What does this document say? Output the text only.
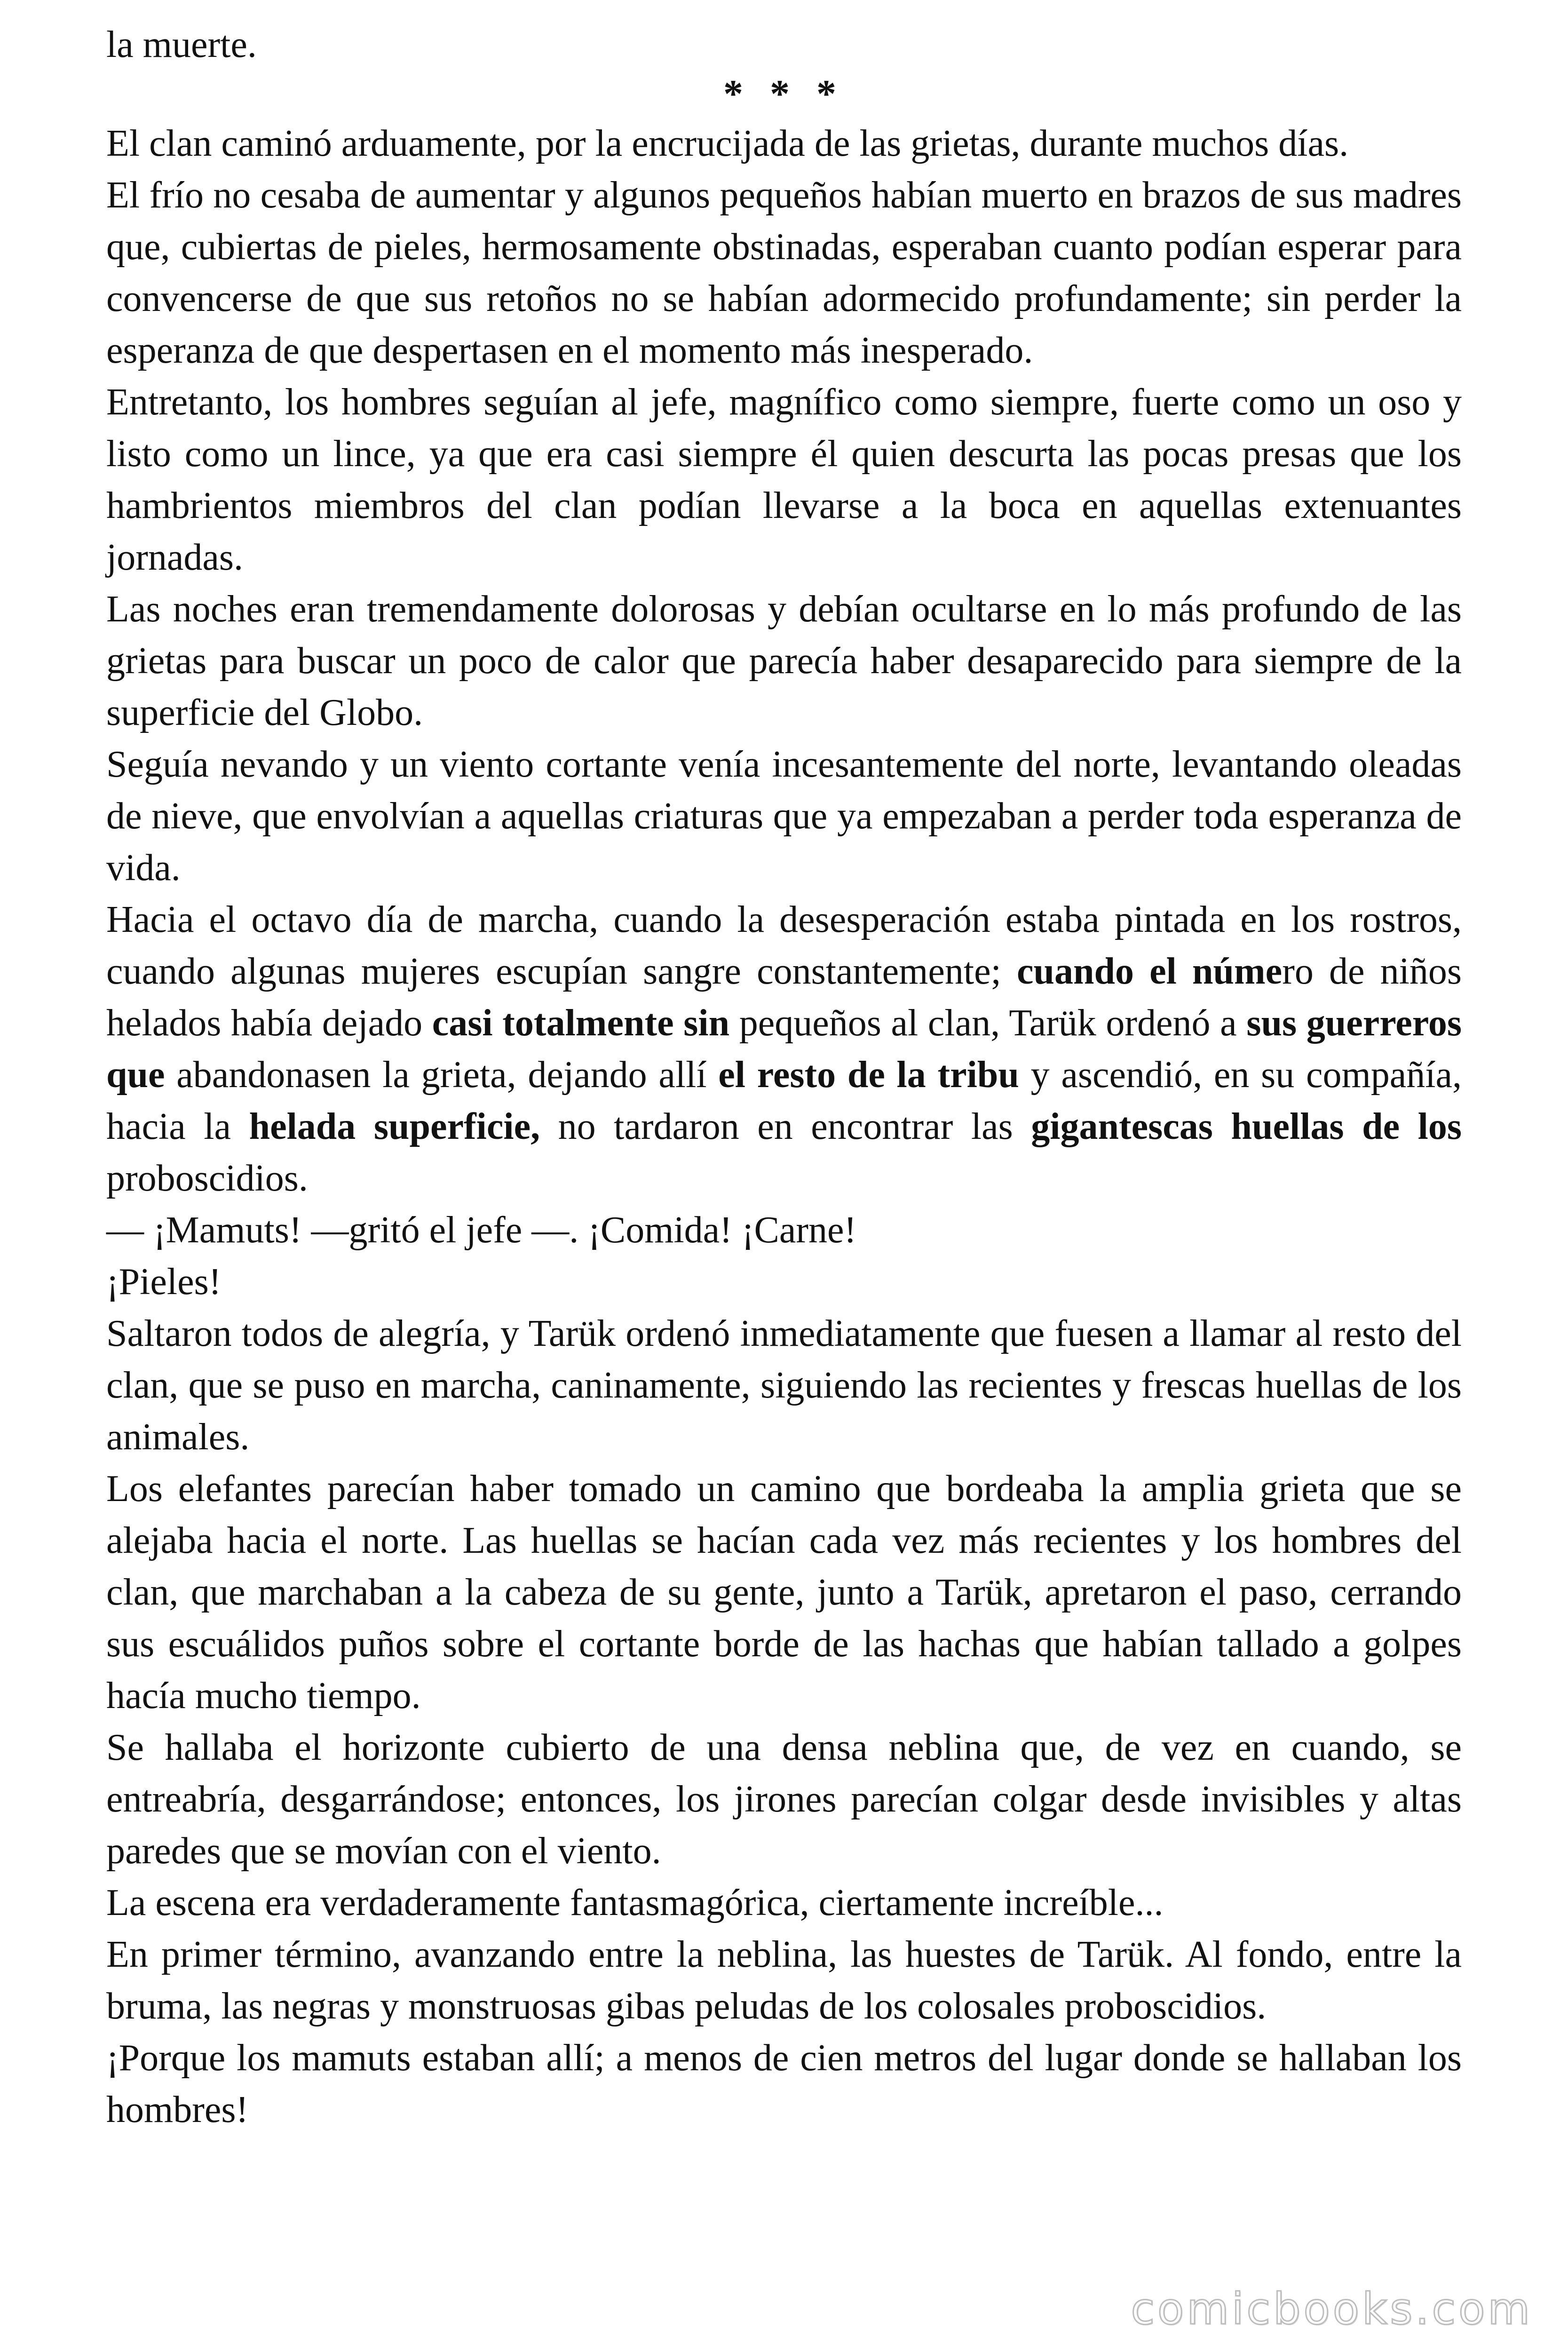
la muerte.

* * *

El clan caminó arduamente, por la encrucijada de las grietas, durante muchos días.

El frío no cesaba de aumentar y algunos pequeños habían muerto en brazos de sus madres que, cubiertas de pieles, hermosamente obstinadas, esperaban cuanto podían esperar para convencerse de que sus retoños no se habían adormecido profundamente; sin perder la esperanza de que despertasen en el momento más inesperado.

Entretanto, los hombres seguían al jefe, magnífico como siempre, fuerte como un oso y listo como un lince, ya que era casi siempre él quien descurta las pocas presas que los hambrientos miembros del clan podían llevarse a la boca en aquellas extenuantes jornadas.

Las noches eran tremendamente dolorosas y debían ocultarse en lo más profundo de las grietas para buscar un poco de calor que parecía haber desaparecido para siempre de la superficie del Globo.

Seguía nevando y un viento cortante venía incesantemente del norte, levantando oleadas de nieve, que envolvían a aquellas criaturas que ya empezaban a perder toda esperanza de vida.

Hacia el octavo día de marcha, cuando la desesperación estaba pintada en los rostros, cuando algunas mujeres escupían sangre constantemente; cuando el número de niños helados había dejado casi totalmente sin pequeños al clan, Tarük ordenó a sus guerreros que abandonasen la grieta, dejando allí el resto de la tribu y ascendió, en su compañía, hacia la helada superficie, no tardaron en encontrar las gigantescas huellas de los proboscidios.

— ¡Mamuts! —gritó el jefe —. ¡Comida! ¡Carne!

¡Pieles!

Saltaron todos de alegría, y Tarük ordenó inmediatamente que fuesen a llamar al resto del clan, que se puso en marcha, caninamente, siguiendo las recientes y frescas huellas de los animales.

Los elefantes parecían haber tomado un camino que bordeaba la amplia grieta que se alejaba hacia el norte. Las huellas se hacían cada vez más recientes y los hombres del clan, que marchaban a la cabeza de su gente, junto a Tarük, apretaron el paso, cerrando sus escuálidos puños sobre el cortante borde de las hachas que habían tallado a golpes hacía mucho tiempo.

Se hallaba el horizonte cubierto de una densa neblina que, de vez en cuando, se entreabría, desgarrándose; entonces, los jirones parecían colgar desde invisibles y altas paredes que se movían con el viento.

La escena era verdaderamente fantasmagórica, ciertamente increíble...

En primer término, avanzando entre la neblina, las huestes de Tarük. Al fondo, entre la bruma, las negras y monstruosas gibas peludas de los colosales proboscidios.

¡Porque los mamuts estaban allí; a menos de cien metros del lugar donde se hallaban los hombres!

comicbooks.com
